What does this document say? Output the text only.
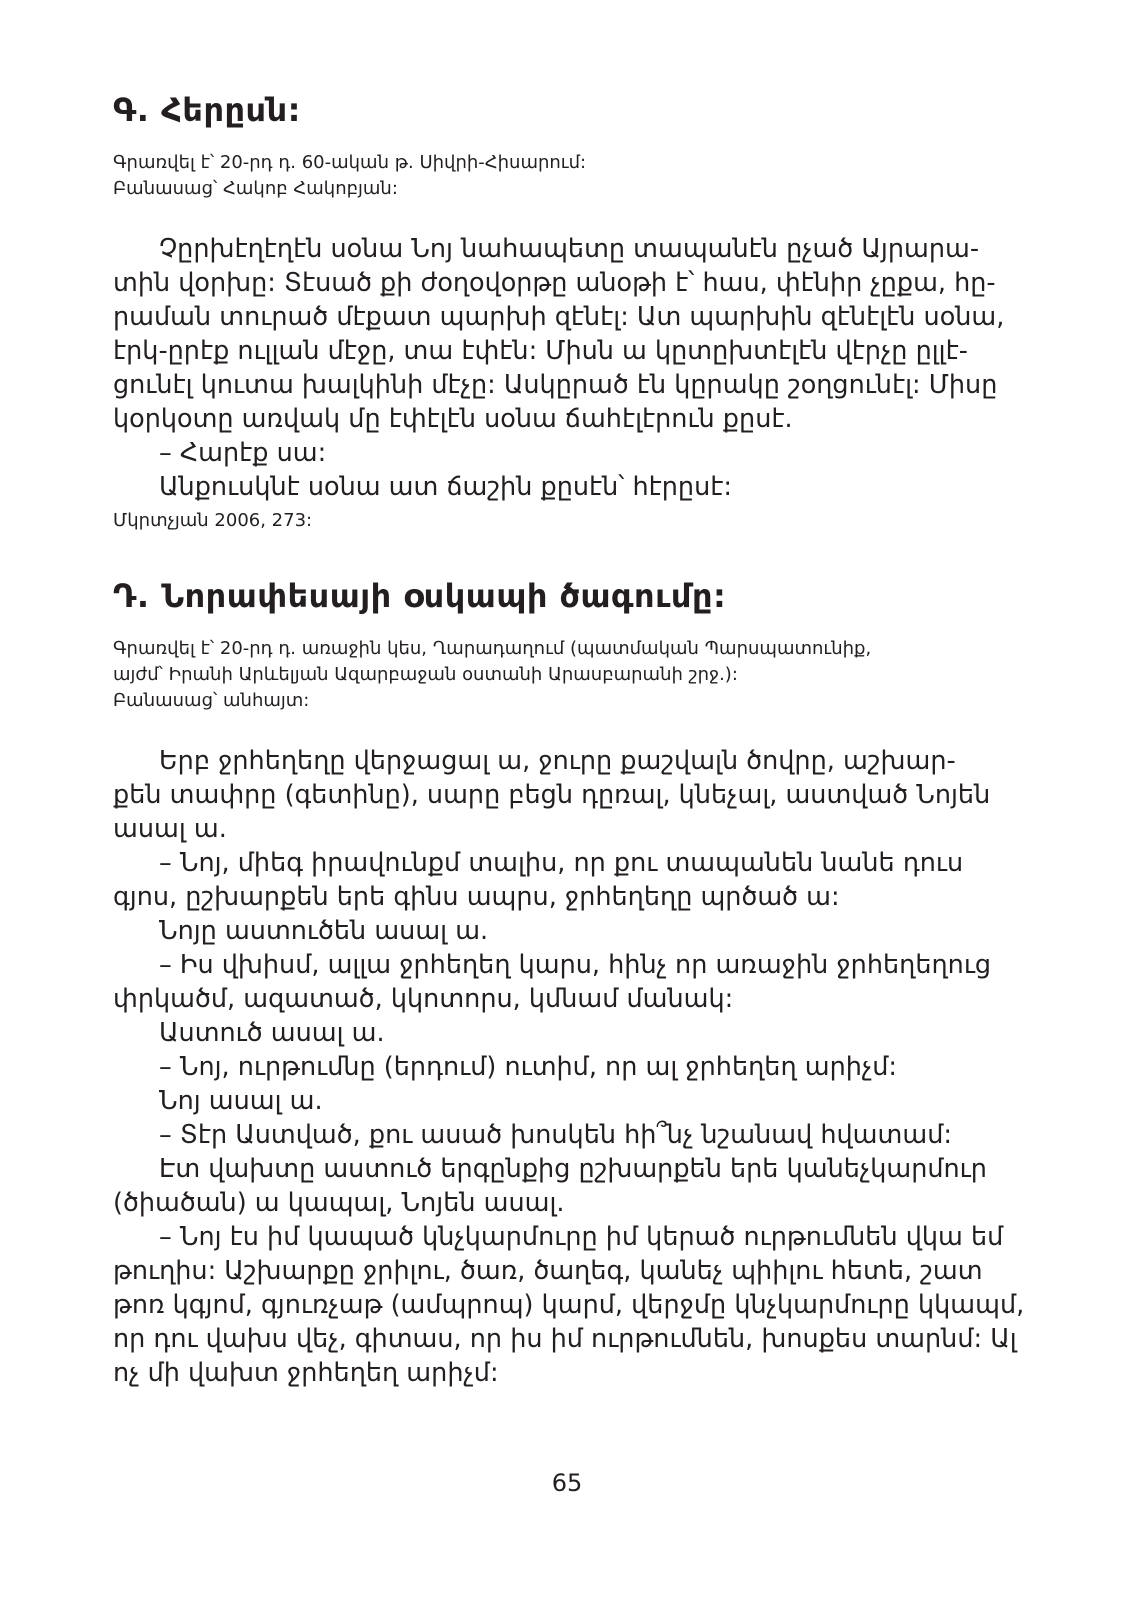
Գ. Հերըսն:

Գրառվել է՝ 20-րդ դ. 60-ական թ. Սիվրի-Հիսարում:

Բանասաց՝ Հակոբ Հակոբյան:

Չըրխէղէղէն սօնա Նոյ նահապետը տապանէն ըչած Այրարա-

տին վօրխը: Տէսած քի ժօղօվօրթը անօթի է՝ հաս, փէնիր չըքա, հը-

րաման տուրած մէքատ պարխի զէնէլ: Ատ պարխին զէնէլէն սօնա,

էրկ-ըրէք ուլլան մէջը, տա էփէն: Միսն ա կըտըխտէլէն վէրչը ըլլէ-

ցունէլ կուտա խալկինի մէչը: Ասկըրած էն կըրակը շօղցունէլ: Միսը

կօրկօտը առվակ մը էփէլէն սօնա ճահէլէրուն քըսէ.

– Հարէք սա:

Անքուսկնէ սօնա ատ ճաշին քըսէն՝ հէրըսէ:

Մկրտչյան 2006, 273:

Դ. Նորափեսայի օսկապի ծագումը:

Գրառվել է՝ 20-րդ դ. առաջին կես, Ղարադաղում (պատմական Պարսպատունիք,

այժմ՝ Իրանի Արևելյան Ազարբաջան օստանի Արասբարանի շրջ.):

Բանասաց՝ անհայտ:

Երբ ջրհեղեղը վերջացալ ա, ջուրը քաշվալն ծովրը, աշխար-

քեն տափրը (գետինը), սարը բեցն դըռալ, կնեչալ, աստված Նոյեն

ասալ ա.

– Նոյ, միեգ իրավունքմ տալիս, որ քու տապանեն նանե դուս

գյոս, ըշխարքեն երե գինս ապրս, ջրհեղեղը պրծած ա:

Նոյը աստուծեն ասալ ա.

– Իս վխիսմ, ալլա ջրհեղեղ կարս, հինչ որ առաջին ջրհեղեղուց

փրկածմ, ազատած, կկոտորս, կմնամ մանակ:

Աստուծ ասալ ա.

– Նոյ, ուրթումնը (երդում) ուտիմ, որ ալ ջրհեղեղ արիչմ:

Նոյ ասալ ա.

– Տէր Աստված, քու ասած խոսկեն հի՞նչ նշանավ հվատամ:

Էտ վախտը աստուծ երգընքից ըշխարքեն երե կանեչկարմուր

(ծիածան) ա կապալ, Նոյեն ասալ.

– Նոյ էս իմ կապած կնչկարմուրը իմ կերած ուրթումնեն վկա եմ

թուղիս: Աշխարքը ջրիլու, ծառ, ծաղեգ, կանեչ պիիլու հետե, շատ

թոռ կգյոմ, գյուռչաթ (ամպրոպ) կարմ, վերջմը կնչկարմուրը կկապմ,

որ դու վախս վեչ, գիտաս, որ իս իմ ուրթումնեն, խոսքես տարնմ: Ալ

ոչ մի վախտ ջրհեղեղ արիչմ:

65
